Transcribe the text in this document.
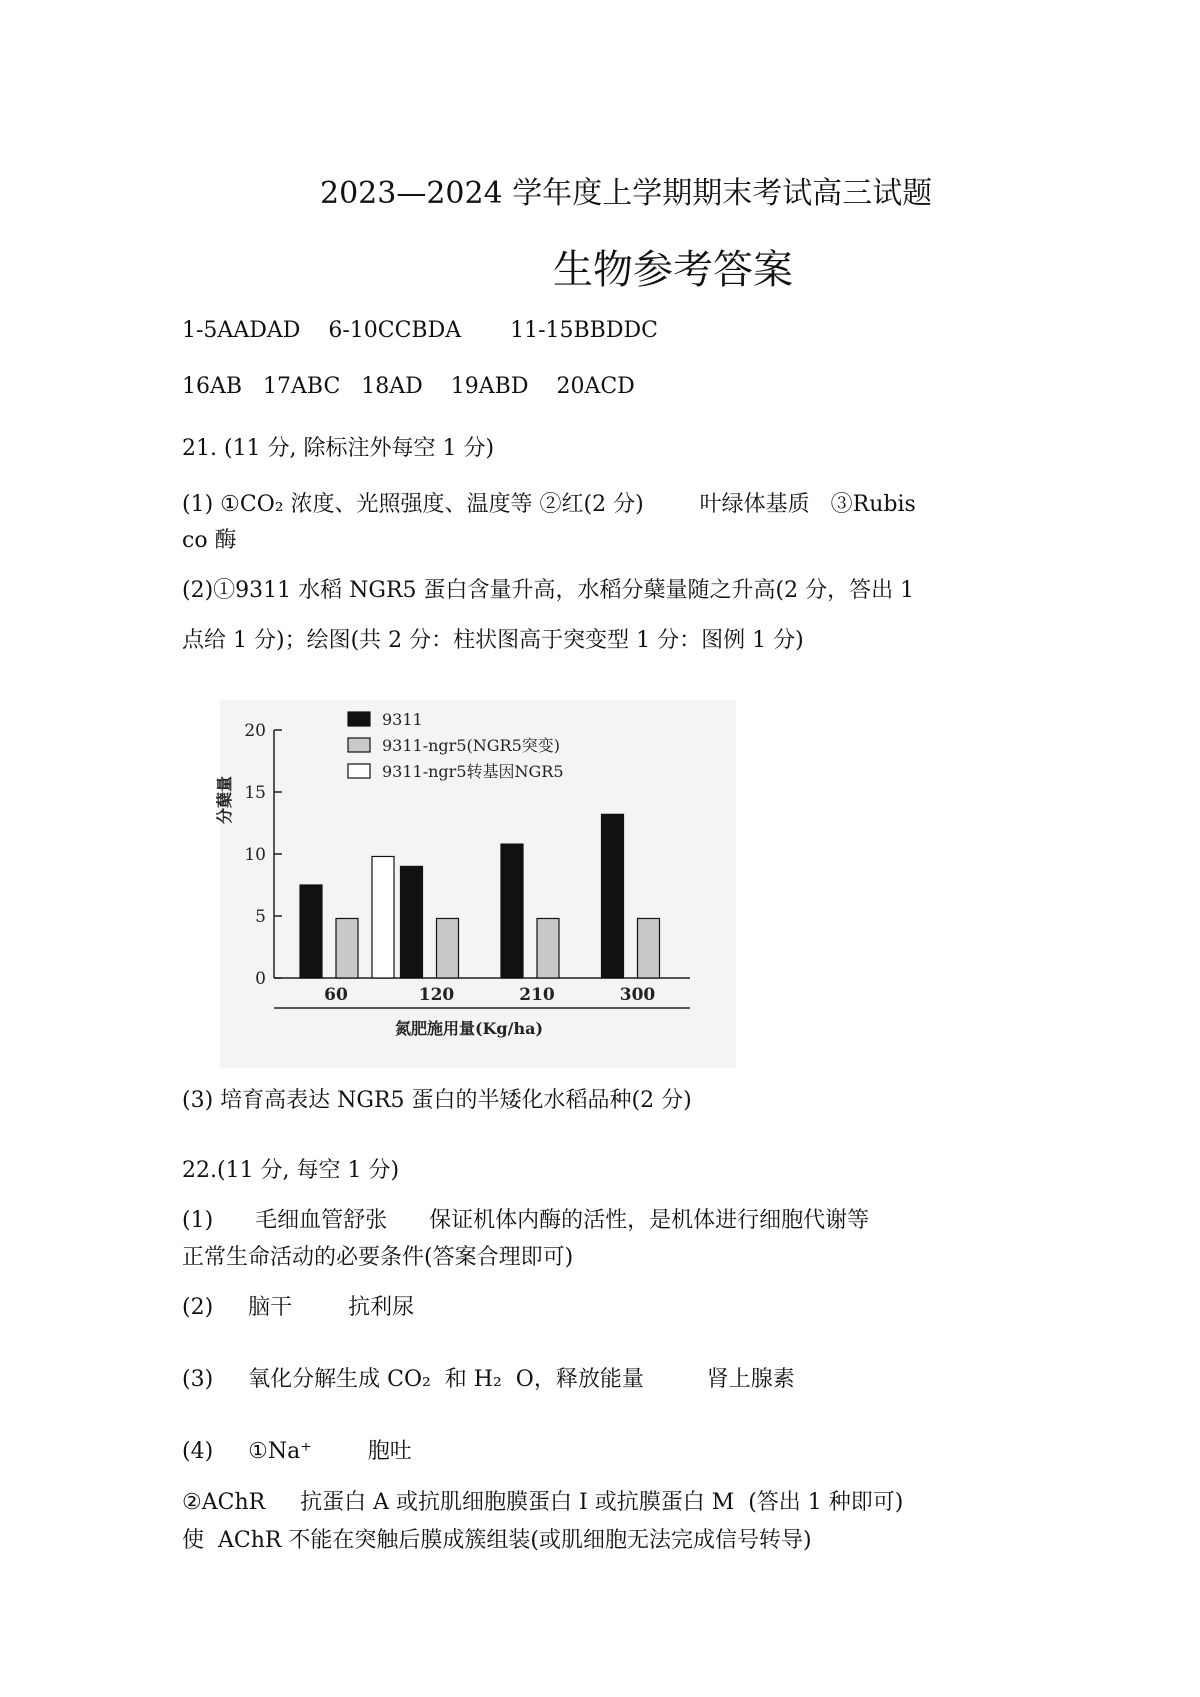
2023—2024 学年度上学期期末考试高三试题
生物参考答案
1-5AADAD    6-10CCBDA       11-15BBDDC
16AB   17ABC   18AD    19ABD    20ACD
21. (11 分, 除标注外每空 1 分)
(1) ①CO₂ 浓度、光照强度、温度等 ②红(2 分)        叶绿体基质   ③Rubis
co 酶
(2)①9311 水稻 NGR5 蛋白含量升高，水稻分蘖量随之升高(2 分，答出 1
点给 1 分)；绘图(共 2 分：柱状图高于突变型 1 分：图例 1 分)
0
5
10
15
20
分蘖量
60	120	210	300
氮肥施用量(Kg/ha)
9311
9311-ngr5(NGR5突变)
9311-ngr5转基因NGR5
(3) 培育高表达 NGR5 蛋白的半矮化水稻品种(2 分)
22.(11 分, 每空 1 分)
(1)      毛细血管舒张      保证机体内酶的活性，是机体进行细胞代谢等
正常生命活动的必要条件(答案合理即可)
(2)     脑干        抗利尿
(3)     氧化分解生成 CO₂  和 H₂  O，释放能量         肾上腺素
(4)     ①Na⁺        胞吐
②AChR     抗蛋白 A 或抗肌细胞膜蛋白 I 或抗膜蛋白 M  (答出 1 种即可)
使  AChR 不能在突触后膜成簇组装(或肌细胞无法完成信号转导)
